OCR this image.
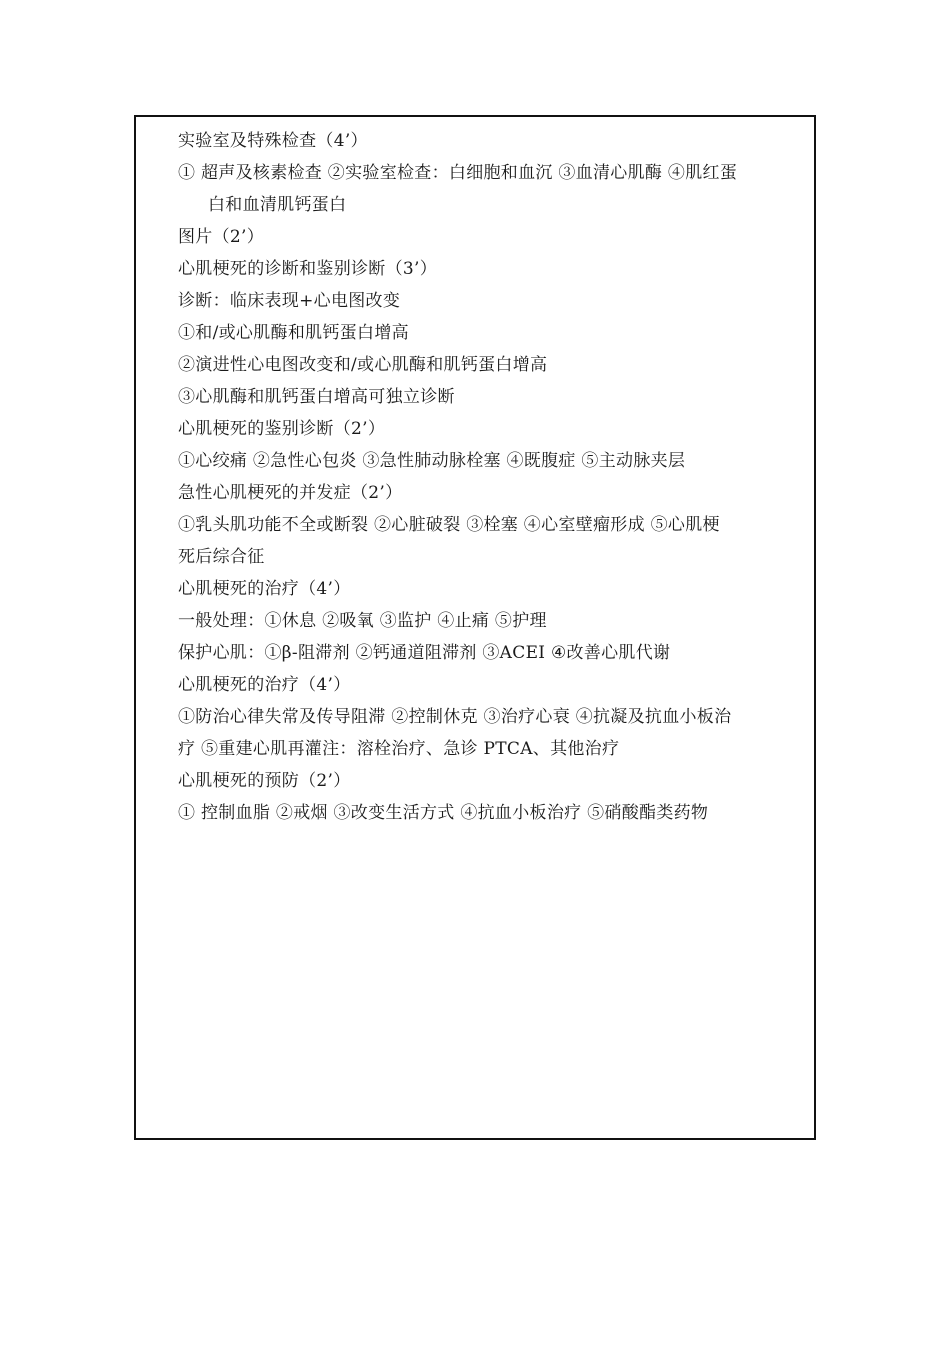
实验室及特殊检查（4’）
① 超声及核素检查 ②实验室检查：白细胞和血沉 ③血清心肌酶 ④肌红蛋
白和血清肌钙蛋白
图片（2’）
心肌梗死的诊断和鉴别诊断（3’）
诊断：临床表现+心电图改变
①和/或心肌酶和肌钙蛋白增高
②演进性心电图改变和/或心肌酶和肌钙蛋白增高
③心肌酶和肌钙蛋白增高可独立诊断
心肌梗死的鉴别诊断（2’）
①心绞痛 ②急性心包炎 ③急性肺动脉栓塞 ④既腹症 ⑤主动脉夹层
急性心肌梗死的并发症（2’）
①乳头肌功能不全或断裂 ②心脏破裂 ③栓塞 ④心室壁瘤形成 ⑤心肌梗
死后综合征
心肌梗死的治疗（4’）
一般处理：①休息 ②吸氧 ③监护 ④止痛 ⑤护理
保护心肌：①β-阻滞剂 ②钙通道阻滞剂 ③ACEI ④改善心肌代谢
心肌梗死的治疗（4’）
①防治心律失常及传导阻滞 ②控制休克 ③治疗心衰 ④抗凝及抗血小板治
疗 ⑤重建心肌再灌注：溶栓治疗、急诊 PTCA、其他治疗
心肌梗死的预防（2’）
① 控制血脂 ②戒烟 ③改变生活方式 ④抗血小板治疗 ⑤硝酸酯类药物
